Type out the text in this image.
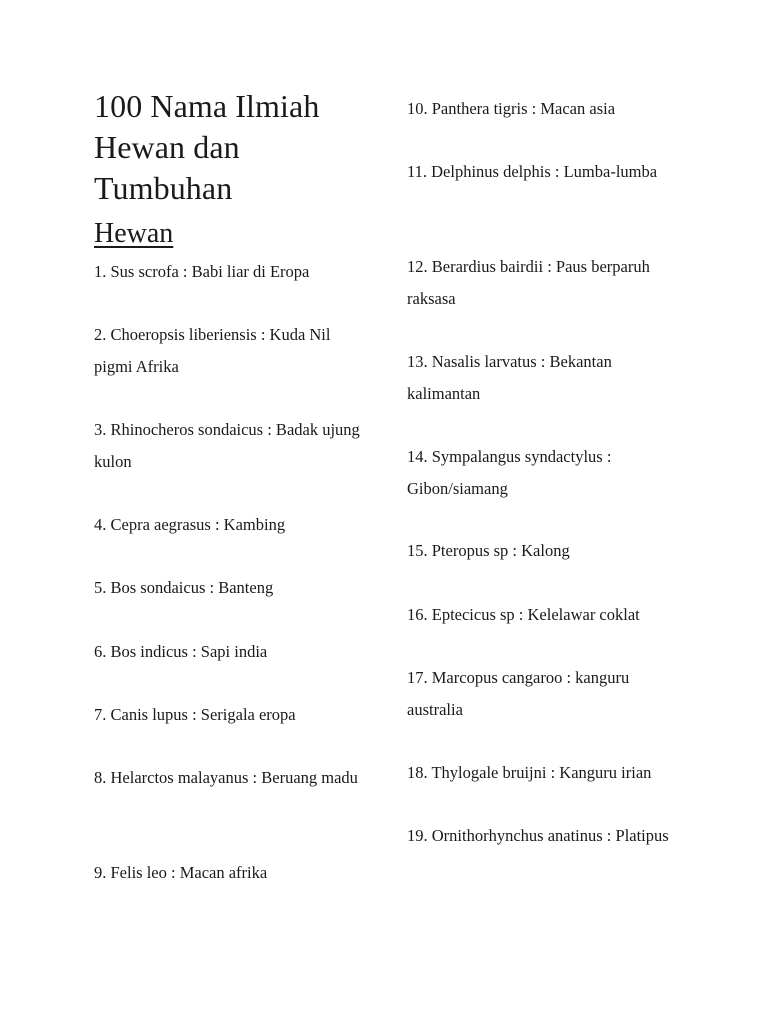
100 Nama Ilmiah Hewan dan Tumbuhan
Hewan

1. Sus scrofa : Babi liar di Eropa

2. Choeropsis liberiensis : Kuda Nil pigmi Afrika

3. Rhinocheros sondaicus : Badak ujung kulon

4. Cepra aegrasus : Kambing

5. Bos sondaicus : Banteng

6. Bos indicus : Sapi india

7. Canis lupus : Serigala eropa

8. Helarctos malayanus : Beruang madu

9. Felis leo : Macan afrika

10. Panthera tigris : Macan asia

11. Delphinus delphis : Lumba-lumba

12. Berardius bairdii : Paus berparuh raksasa

13. Nasalis larvatus : Bekantan kalimantan

14. Sympalangus syndactylus : Gibon/siamang

15. Pteropus sp : Kalong

16. Eptecicus sp : Kelelawar coklat

17. Marcopus cangaroo : kanguru australia

18. Thylogale bruijni : Kanguru irian

19. Ornithorhynchus anatinus : Platipus
